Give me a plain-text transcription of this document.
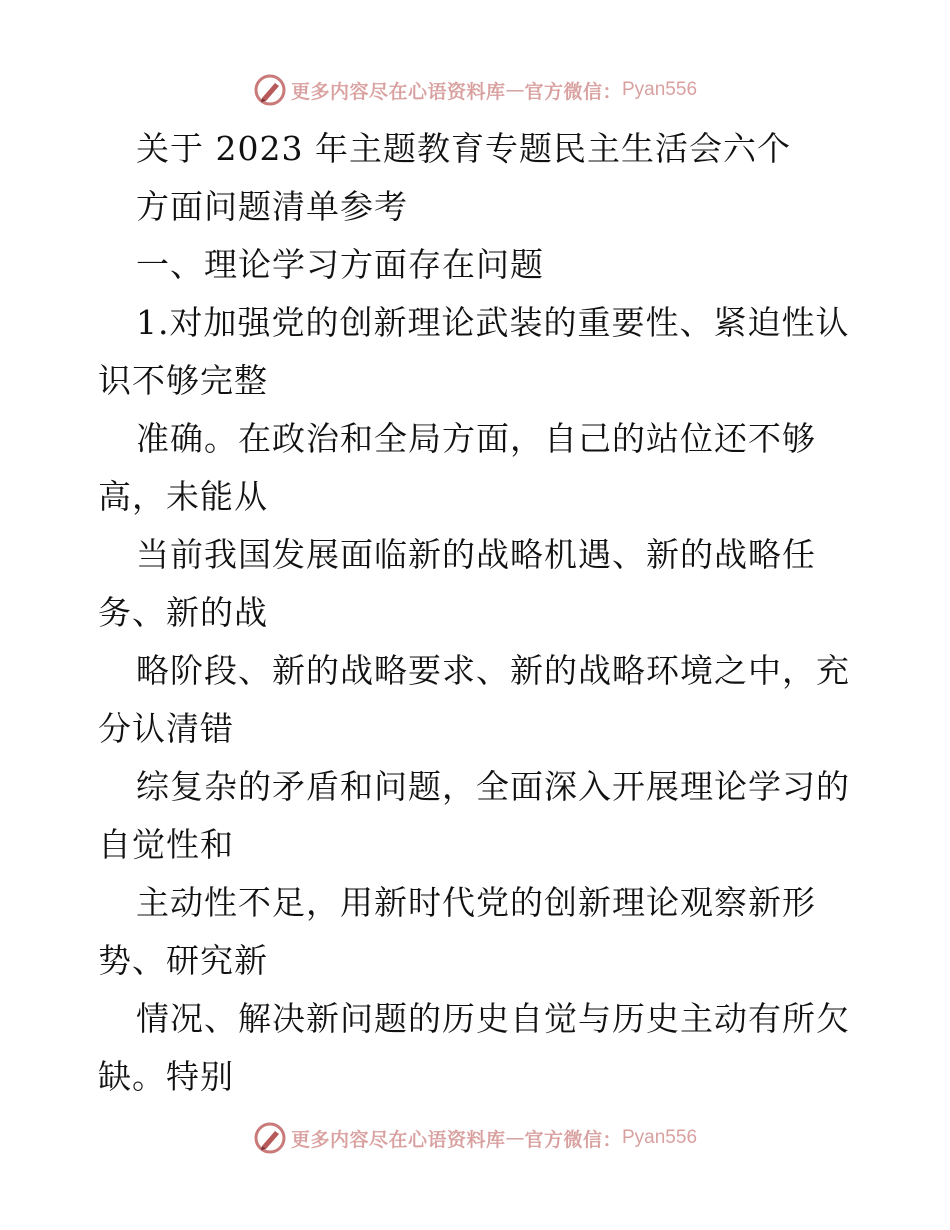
更多内容尽在心语资料库 — 官方微信： Pyan556
关于 2023 年主题教育专题民主生活会六个
方面问题清单参考
一、理论学习方面存在问题
1.对加强党的创新理论武装的重要性、紧迫性认
识不够完整
准确。在政治和全局方面，自己的站位还不够
高，未能从
当前我国发展面临新的战略机遇、新的战略任
务、新的战
略阶段、新的战略要求、新的战略环境之中，充
分认清错
综复杂的矛盾和问题，全面深入开展理论学习的
自觉性和
主动性不足，用新时代党的创新理论观察新形
势、研究新
情况、解决新问题的历史自觉与历史主动有所欠
缺。特别
更多内容尽在心语资料库 — 官方微信： Pyan556
